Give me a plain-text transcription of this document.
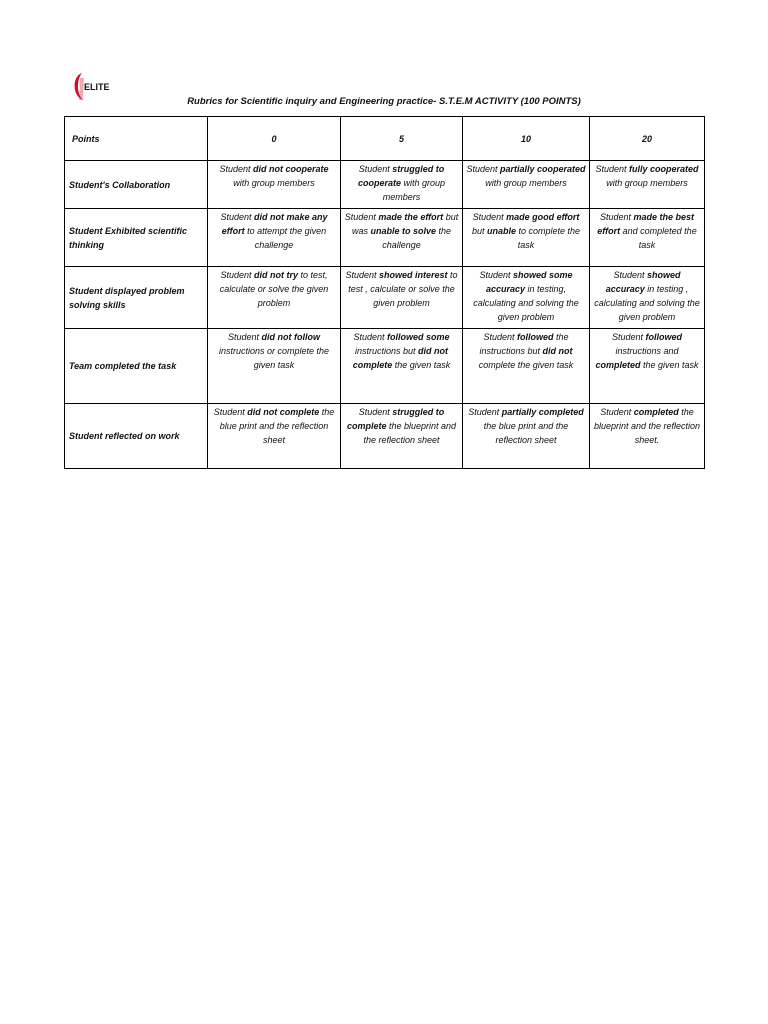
ELITE
Rubrics for Scientific inquiry and Engineering practice- S.T.E.M ACTIVITY (100 POINTS)
Points	0	5	10	20
Student's Collaboration	Student did not cooperate with group members	Student struggled to cooperate with group members	Student partially cooperated with group members	Student fully cooperated with group members
Student Exhibited scientific thinking	Student did not make any effort to attempt the given challenge	Student made the effort but was unable to solve the challenge	Student made good effort but unable to complete the task	Student made the best effort and completed the task
Student displayed problem solving skills	Student did not try to test, calculate or solve the given problem	Student showed interest to test , calculate or solve the given problem	Student showed some accuracy in testing, calculating and solving the given problem	Student showed accuracy in testing , calculating and solving the given problem
Team completed the task	Student did not follow instructions or complete the given task	Student followed some instructions but did not complete the given task	Student followed the instructions but did not complete the given task	Student followed instructions and completed the given task
Student reflected on work	Student did not complete the blue print and the reflection sheet	Student struggled to complete the blueprint and the reflection sheet	Student partially completed the blue print and the reflection sheet	Student completed the blueprint and the reflection sheet.
